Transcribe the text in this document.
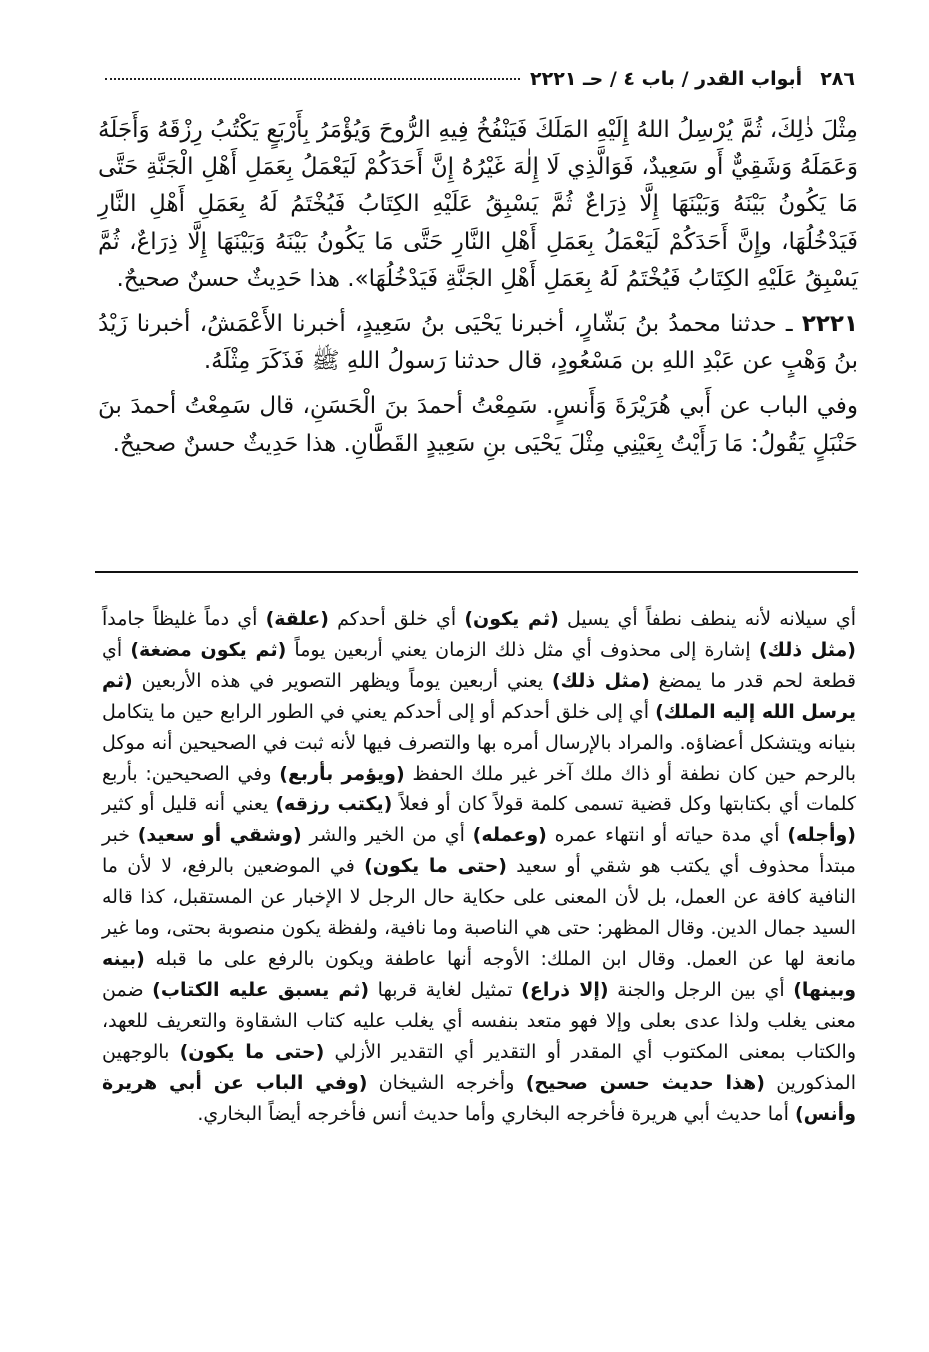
٢٨٦
أبواب القدر / باب ٤ / حـ ٢٢٢١

مِثْلَ ذٰلِكَ، ثُمَّ يُرْسِلُ اللهُ إِلَيْهِ المَلَكَ فَيَنْفُخُ فِيهِ الرُّوحَ وَيُؤْمَرُ بِأَرْبَعٍ يَكْتُبُ رِزْقَهُ وَأَجَلَهُ وَعَمَلَهُ وَشَقِيٌّ أَو سَعِيدٌ، فَوَالَّذِي لَا إِلٰهَ غَيْرُهُ إِنَّ أَحَدَكُمْ لَيَعْمَلُ بِعَمَلِ أَهْلِ الْجَنَّةِ حَتَّى مَا يَكُونُ بَيْنَهُ وَبَيْنَهَا إِلَّا ذِرَاعٌ ثُمَّ يَسْبِقُ عَلَيْهِ الكِتَابُ فَيُخْتَمُ لَهُ بِعَمَلِ أَهْلِ النَّارِ فَيَدْخُلُهَا، وإِنَّ أَحَدَكُمْ لَيَعْمَلُ بِعَمَلِ أَهْلِ النَّارِ حَتَّى مَا يَكُونُ بَيْنَهُ وَبَيْنَهَا إِلَّا ذِرَاعٌ، ثُمَّ يَسْبِقُ عَلَيْهِ الكِتَابُ فَيُخْتَمُ لَهُ بِعَمَلِ أَهْلِ الجَنَّةِ فَيَدْخُلُهَا». هذا حَدِيثٌ حسنٌ صحيحٌ.

٢٢٢١ ـ حدثنا محمدُ بنُ بَشّارٍ، أخبرنا يَحْيَى بنُ سَعِيدٍ، أخبرنا الأَعْمَشُ، أخبرنا زَيْدُ بنُ وَهْبٍ عن عَبْدِ اللهِ بن مَسْعُودٍ، قال حدثنا رَسولُ اللهِ ﷺ فَذَكَرَ مِثْلَهُ.

وفي الباب عن أَبي هُرَيْرَةَ وَأَنسٍ. سَمِعْتُ أحمدَ بنَ الْحَسَنِ، قال سَمِعْتُ أحمدَ بنَ حَنْبَلٍ يَقُولُ: مَا رَأَيْتُ بِعَيْنِي مِثْلَ يَحْيَى بنِ سَعِيدٍ القَطَّانِ. هذا حَدِيثٌ حسنٌ صحيحٌ.

أي سيلانه لأنه ينطف نطفاً أي يسيل (ثم يكون) أي خلق أحدكم (علقة) أي دماً غليظاً جامداً (مثل ذلك) إشارة إلى محذوف أي مثل ذلك الزمان يعني أربعين يوماً (ثم يكون مضغة) أي قطعة لحم قدر ما يمضغ (مثل ذلك) يعني أربعين يوماً ويظهر التصوير في هذه الأربعين (ثم يرسل الله إليه الملك) أي إلى خلق أحدكم أو إلى أحدكم يعني في الطور الرابع حين ما يتكامل بنيانه ويتشكل أعضاؤه. والمراد بالإرسال أمره بها والتصرف فيها لأنه ثبت في الصحيحين أنه موكل بالرحم حين كان نطفة أو ذاك ملك آخر غير ملك الحفظ (ويؤمر بأربع) وفي الصحيحين: بأربع كلمات أي بكتابتها وكل قضية تسمى كلمة قولاً كان أو فعلاً (يكتب رزقه) يعني أنه قليل أو كثير (وأجله) أي مدة حياته أو انتهاء عمره (وعمله) أي من الخير والشر (وشقي أو سعيد) خبر مبتدأ محذوف أي يكتب هو شقي أو سعيد (حتى ما يكون) في الموضعين بالرفع، لا لأن ما النافية كافة عن العمل، بل لأن المعنى على حكاية حال الرجل لا الإخبار عن المستقبل، كذا قاله السيد جمال الدين. وقال المظهر: حتى هي الناصبة وما نافية، ولفظة يكون منصوبة بحتى، وما غير مانعة لها عن العمل. وقال ابن الملك: الأوجه أنها عاطفة ويكون بالرفع على ما قبله (بينه وبينها) أي بين الرجل والجنة (إلا ذراع) تمثيل لغاية قربها (ثم يسبق عليه الكتاب) ضمن معنى يغلب ولذا عدى بعلى وإلا فهو متعد بنفسه أي يغلب عليه كتاب الشقاوة والتعريف للعهد، والكتاب بمعنى المكتوب أي المقدر أو التقدير أي التقدير الأزلي (حتى ما يكون) بالوجهين المذكورين (هذا حديث حسن صحيح) وأخرجه الشيخان (وفي الباب عن أبي هريرة وأنس) أما حديث أبي هريرة فأخرجه البخاري وأما حديث أنس فأخرجه أيضاً البخاري.
